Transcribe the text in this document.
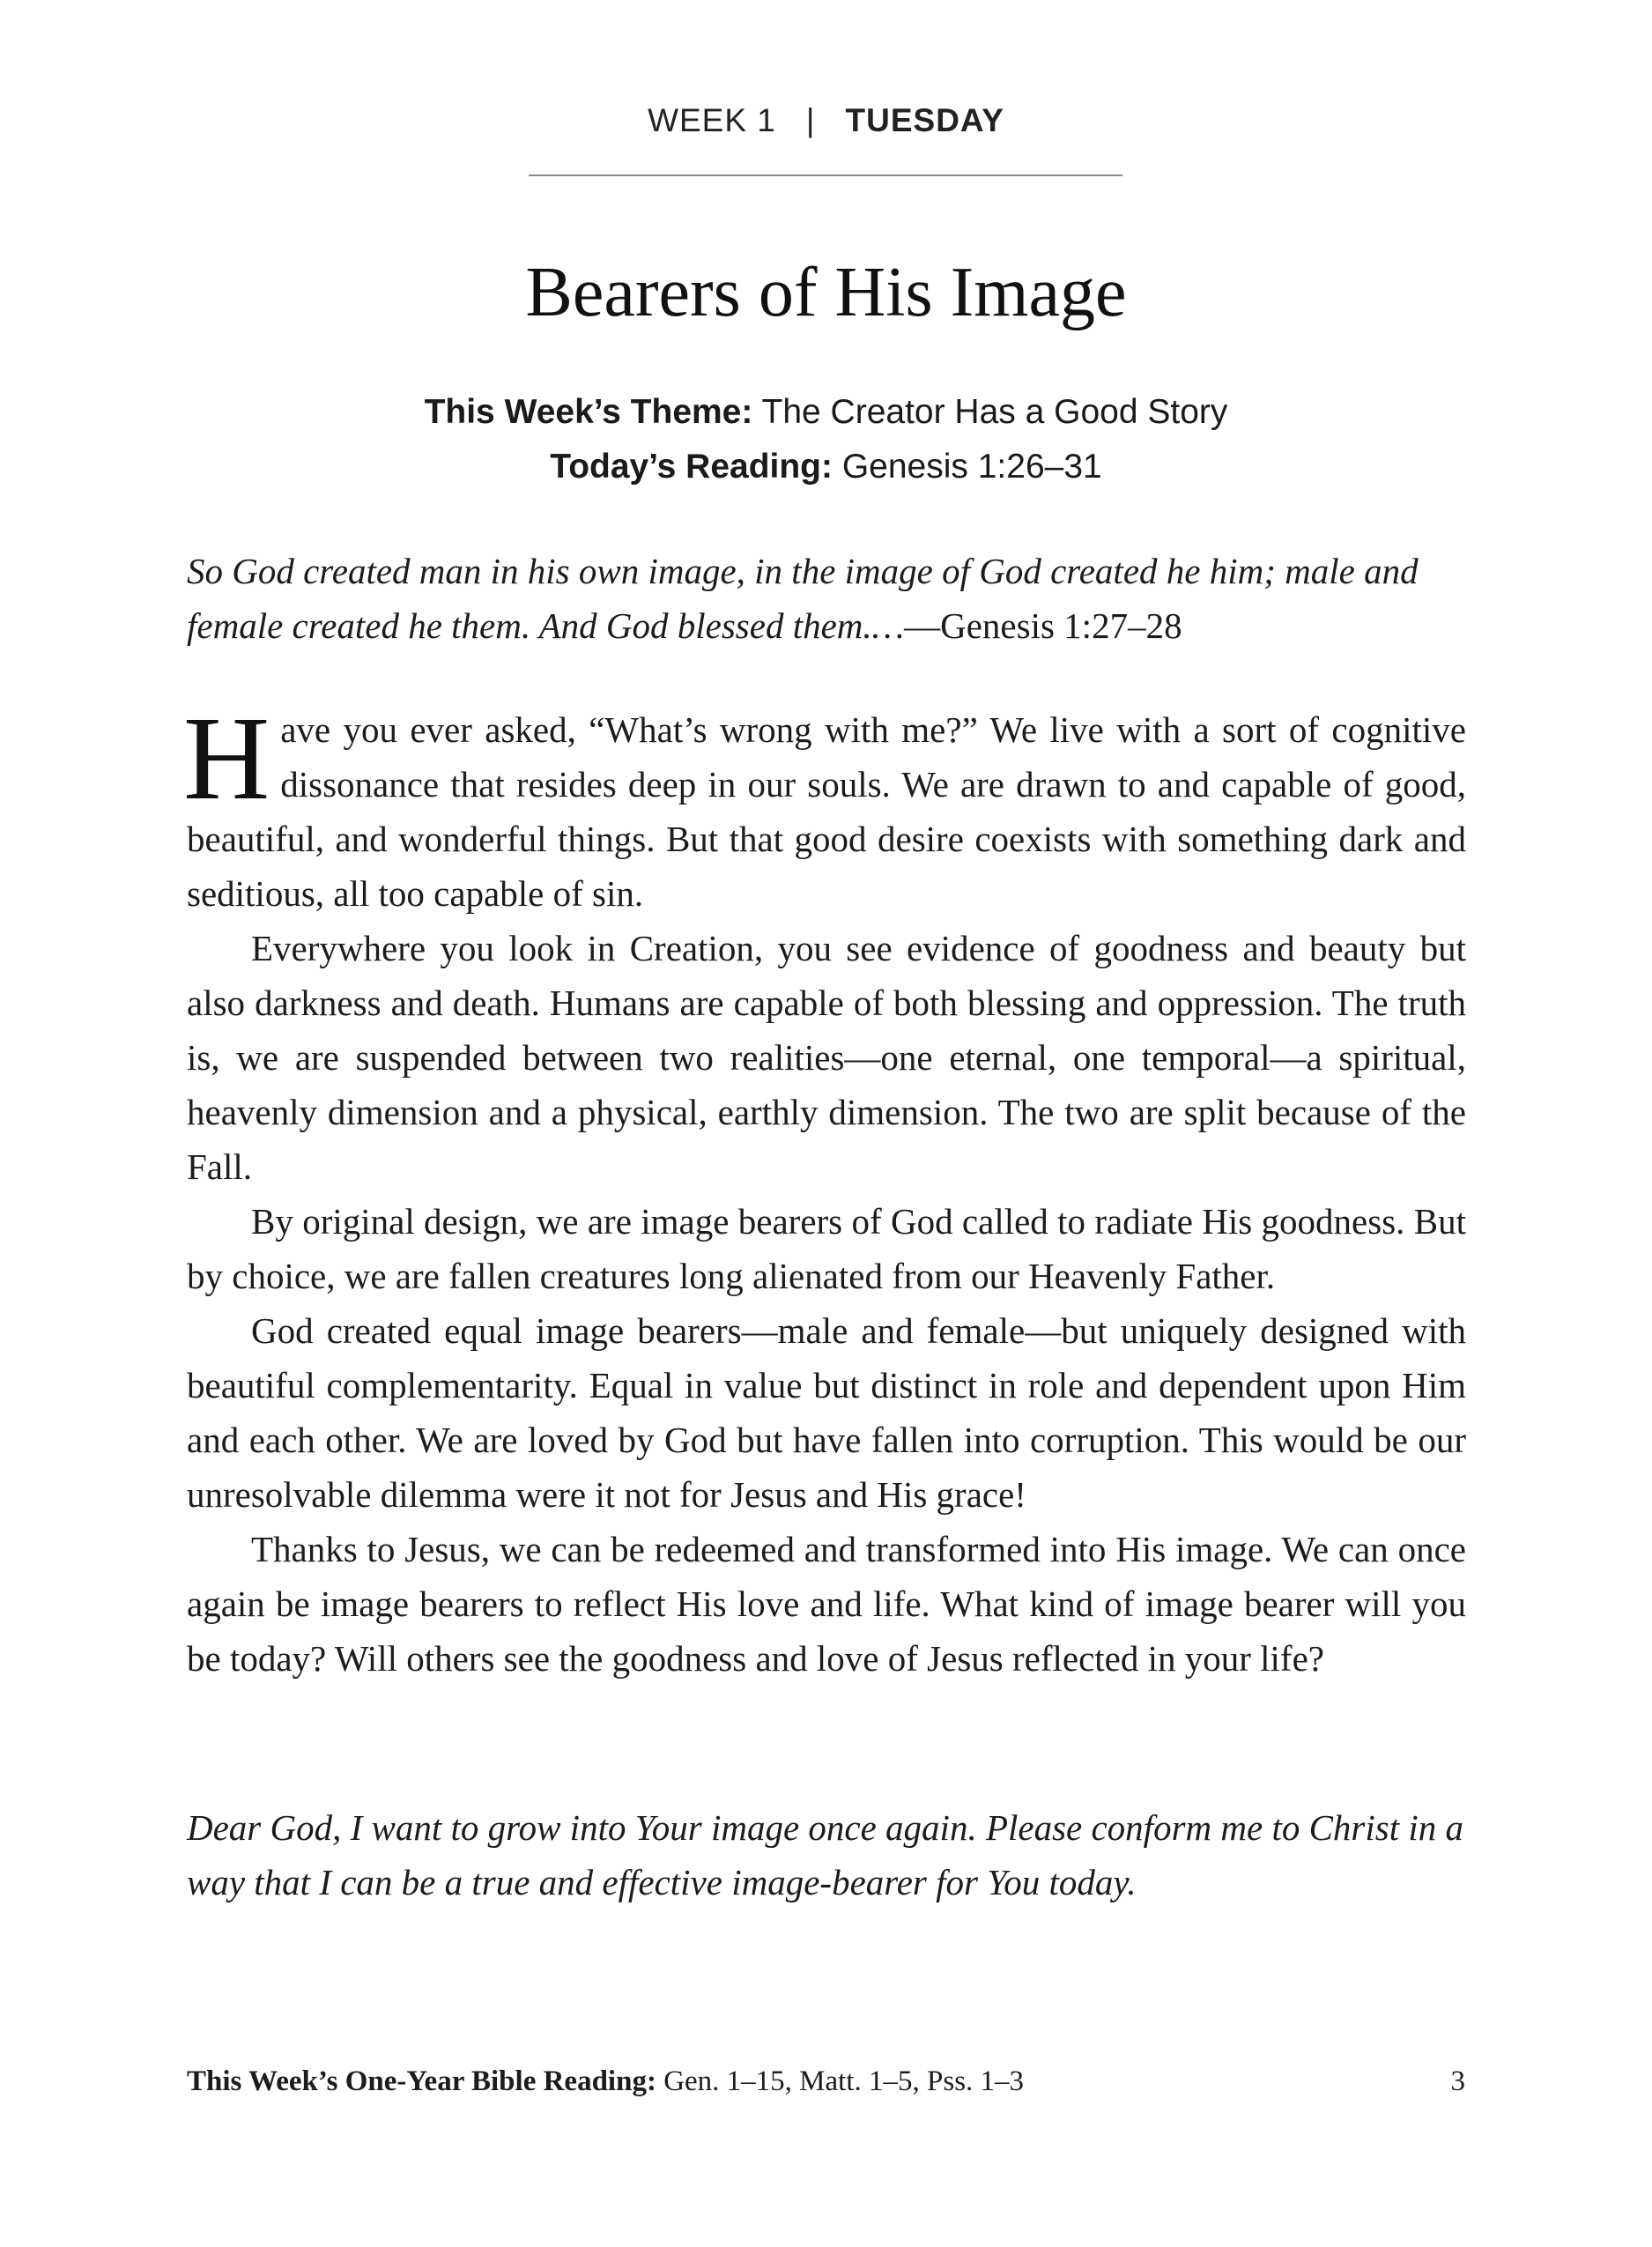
WEEK 1 | TUESDAY
Bearers of His Image
This Week’s Theme: The Creator Has a Good Story
Today’s Reading: Genesis 1:26–31

So God created man in his own image, in the image of God created he him; male and female created he them. And God blessed them.…—Genesis 1:27–28

Have you ever asked, “What’s wrong with me?” We live with a sort of cognitive dissonance that resides deep in our souls. We are drawn to and capable of good, beautiful, and wonderful things. But that good desire coexists with something dark and seditious, all too capable of sin.

Everywhere you look in Creation, you see evidence of goodness and beauty but also darkness and death. Humans are capable of both blessing and oppression. The truth is, we are suspended between two realities—one eternal, one temporal—a spiritual, heavenly dimension and a physical, earthly dimension. The two are split because of the Fall.

By original design, we are image bearers of God called to radiate His goodness. But by choice, we are fallen creatures long alienated from our Heavenly Father.

God created equal image bearers—male and female—but uniquely designed with beautiful complementarity. Equal in value but distinct in role and dependent upon Him and each other. We are loved by God but have fallen into corruption. This would be our unresolvable dilemma were it not for Jesus and His grace!

Thanks to Jesus, we can be redeemed and transformed into His image. We can once again be image bearers to reflect His love and life. What kind of image bearer will you be today? Will others see the goodness and love of Jesus reflected in your life?

Dear God, I want to grow into Your image once again. Please conform me to Christ in a way that I can be a true and effective image-bearer for You today.

This Week’s One-Year Bible Reading: Gen. 1–15, Matt. 1–5, Pss. 1–3	3
